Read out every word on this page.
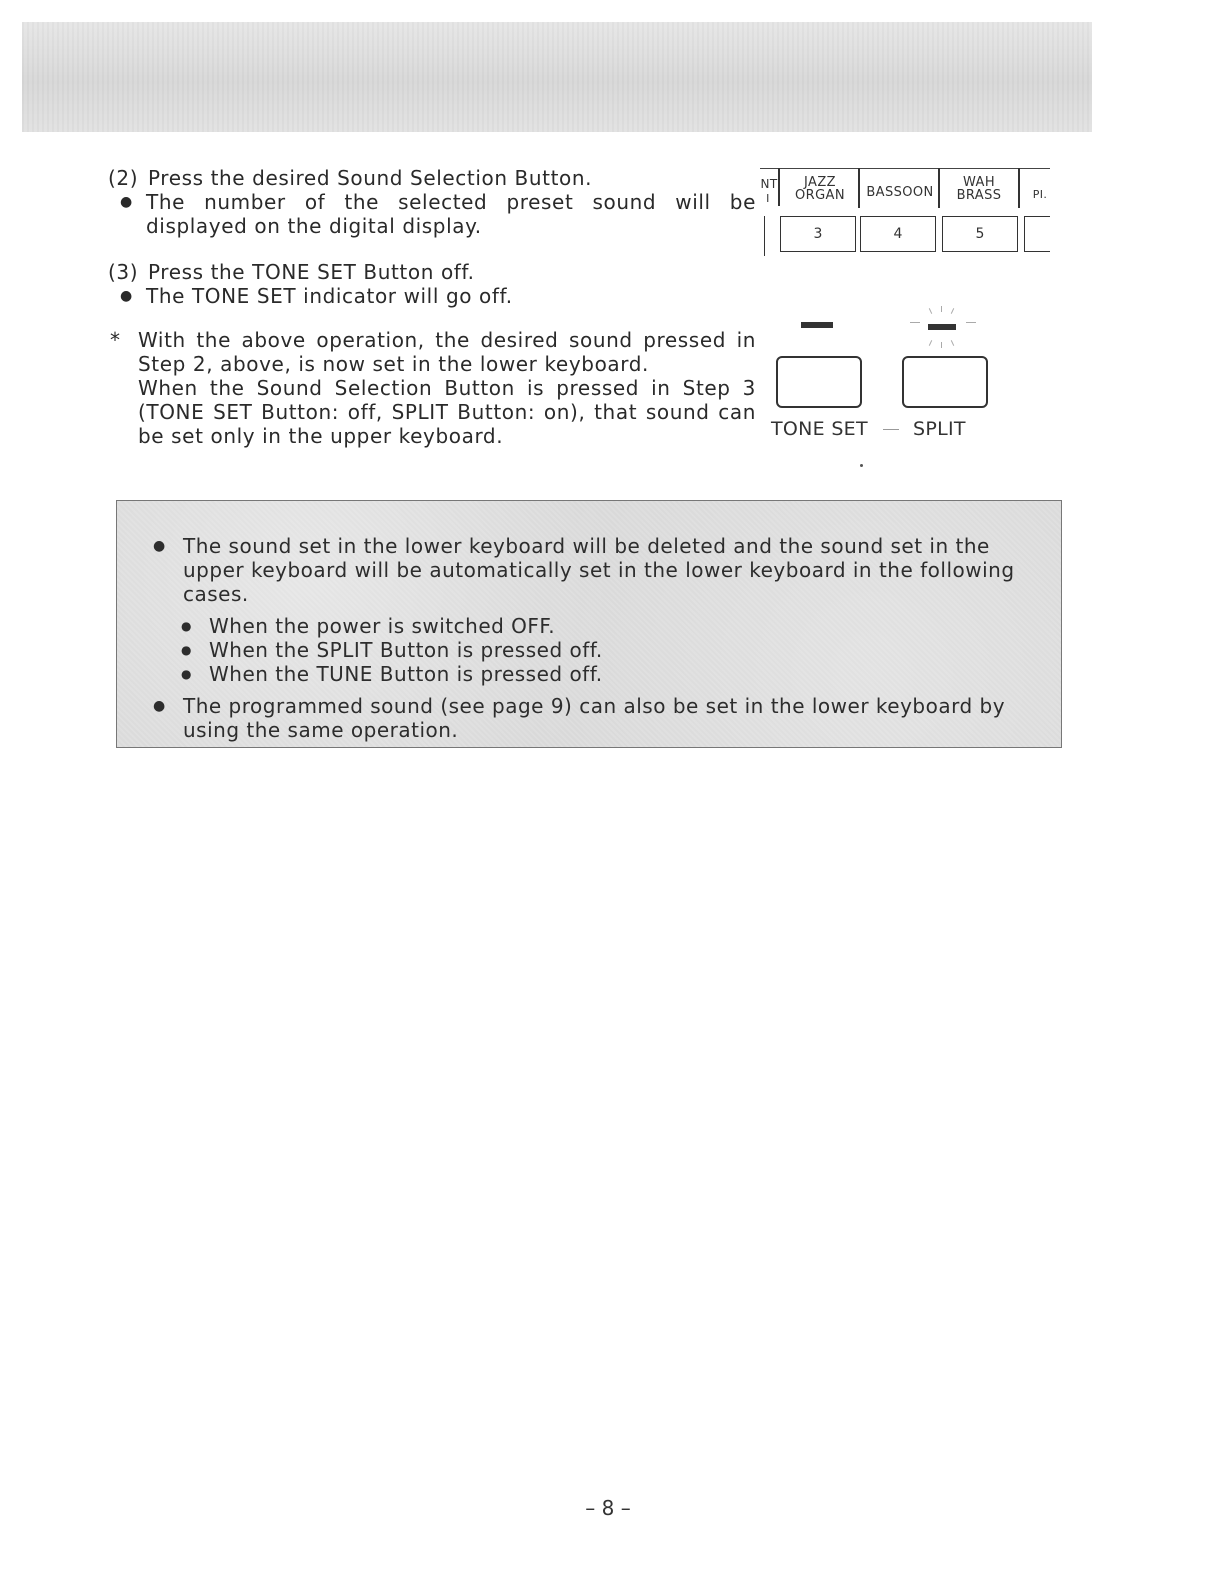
(2) Press the desired Sound Selection Button.
● The number of the selected preset sound will be displayed on the digital display.
(3) Press the TONE SET Button off.
● The TONE SET indicator will go off.
* With the above operation, the desired sound pressed in Step 2, above, is now set in the lower keyboard.

When the Sound Selection Button is pressed in Step 3 (TONE SET Button: off, SPLIT Button: on), that sound can be set only in the upper keyboard.

NT
I
JAZZ
ORGAN	BASSOON
WAH
BRASS	PI.
3	4	5
TONE SET SPLIT
● The sound set in the lower keyboard will be deleted and the sound set in the upper keyboard will be automatically set in the lower keyboard in the following cases.
● When the power is switched OFF.
● When the SPLIT Button is pressed off.
● When the TUNE Button is pressed off.
● The programmed sound (see page 9) can also be set in the lower keyboard by using the same operation.
– 8 –
